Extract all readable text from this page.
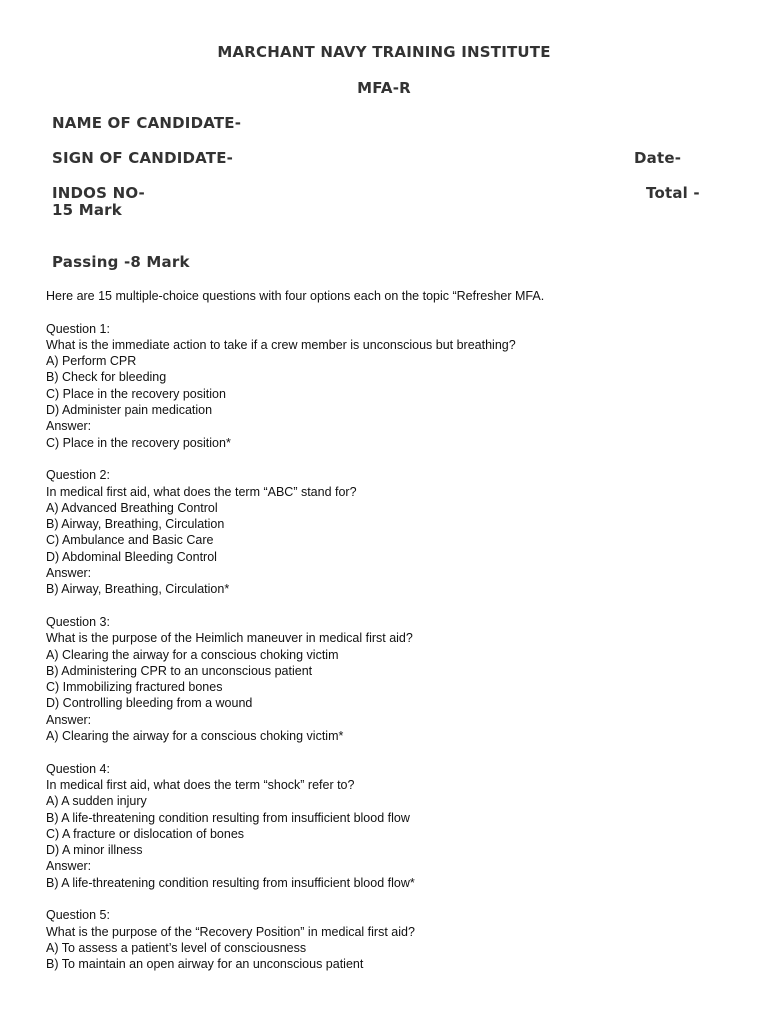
MARCHANT NAVY TRAINING INSTITUTE
MFA-R
NAME OF CANDIDATE-
SIGN OF CANDIDATE-	Date-
INDOS NO-	Total -
15 Mark
Passing -8 Mark
Here are 15 multiple-choice questions with four options each on the topic “Refresher MFA.
Question 1:
What is the immediate action to take if a crew member is unconscious but breathing?
A) Perform CPR
B) Check for bleeding
C) Place in the recovery position
D) Administer pain medication
Answer:
C) Place in the recovery position*
Question 2:
In medical first aid, what does the term “ABC” stand for?
A) Advanced Breathing Control
B) Airway, Breathing, Circulation
C) Ambulance and Basic Care
D) Abdominal Bleeding Control
Answer:
B) Airway, Breathing, Circulation*
Question 3:
What is the purpose of the Heimlich maneuver in medical first aid?
A) Clearing the airway for a conscious choking victim
B) Administering CPR to an unconscious patient
C) Immobilizing fractured bones
D) Controlling bleeding from a wound
Answer:
A) Clearing the airway for a conscious choking victim*
Question 4:
In medical first aid, what does the term “shock” refer to?
A) A sudden injury
B) A life-threatening condition resulting from insufficient blood flow
C) A fracture or dislocation of bones
D) A minor illness
Answer:
B) A life-threatening condition resulting from insufficient blood flow*
Question 5:
What is the purpose of the “Recovery Position” in medical first aid?
A) To assess a patient’s level of consciousness
B) To maintain an open airway for an unconscious patient
